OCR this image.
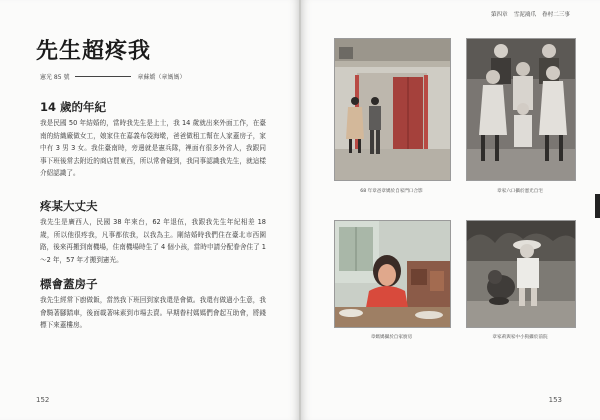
先生超疼我
憲光 85 號	章蘇嬌（章媽媽）
14 歲的年紀

我是民國 50 年結婚的，當時我先生是上士，我 14 歲就出來外面工作，在臺南的紡織廠做女工，娘家住在嘉義布袋海墘，爸爸做租工幫在人家蓋房子，家中有 3 男 3 女。我住臺南時，旁邊就是憲兵隊，裡面有很多外省人，我跟同事下班後常去附近的商店買東西，所以常會碰到，我同事認識我先生，就這樣介紹認識了。

疼某大丈夫

我先生是廣西人，民國 38 年來台，62 年退伍，我跟我先生年紀相差 18 歲，所以他很疼我，凡事都依我，以我為主。剛結婚時我們住在臺北市西園路，後來再搬到南機場，住南機場時生了 4 個小孩，當時申請分配眷舍住了 1～2 年，57 年才搬到憲光。

標會蓋房子

我先生經常下廚做飯，當然我下班回到家我還是會做。我還有做過小生意，我會騎著腳踏車，後面載著味素到市場去賣。早期眷村媽媽們會起互助會，將錢標下來蓋樓房。

152
第四章 雪泥鴻爪 眷村二三事
68 年章爸章媽於自家門口合影	章家六口攝於憲光自宅
章媽媽攝於自家廚房	章家莉與家中小狗攝於前院
153
